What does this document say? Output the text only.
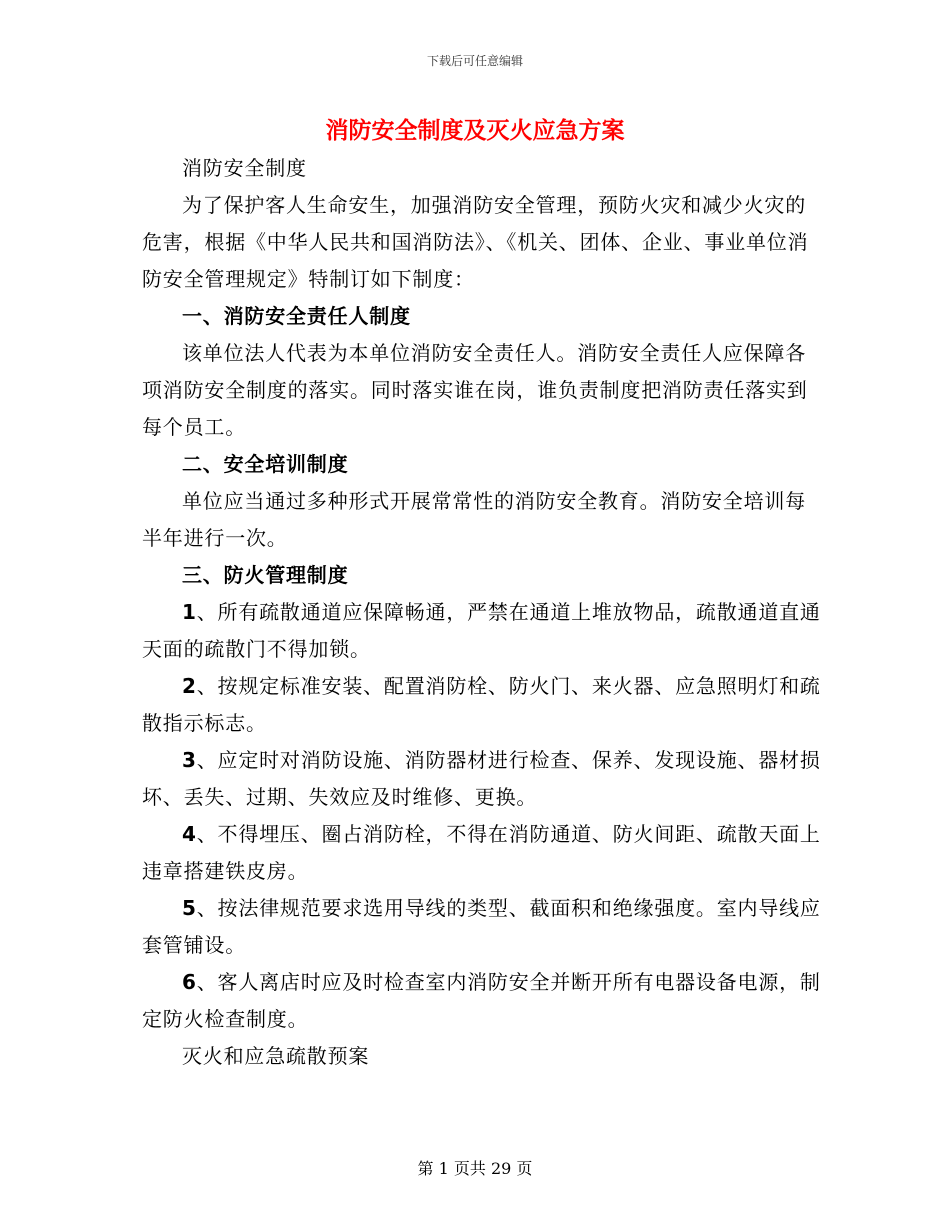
下载后可任意编辑
消防安全制度及灭火应急方案

消防安全制度

为了保护客人生命安生，加强消防安全管理，预防火灾和减少火灾的危害，根据《中华人民共和国消防法》、《机关、团体、企业、事业单位消防安全管理规定》特制订如下制度：

一、消防安全责任人制度

该单位法人代表为本单位消防安全责任人。消防安全责任人应保障各项消防安全制度的落实。同时落实谁在岗，谁负责制度把消防责任落实到每个员工。

二、安全培训制度

单位应当通过多种形式开展常常性的消防安全教育。消防安全培训每半年进行一次。

三、防火管理制度

1、所有疏散通道应保障畅通，严禁在通道上堆放物品，疏散通道直通天面的疏散门不得加锁。

2、按规定标准安装、配置消防栓、防火门、来火器、应急照明灯和疏散指示标志。

3、应定时对消防设施、消防器材进行检查、保养、发现设施、器材损坏、丢失、过期、失效应及时维修、更换。

4、不得埋压、圈占消防栓，不得在消防通道、防火间距、疏散天面上违章搭建铁皮房。

5、按法律规范要求选用导线的类型、截面积和绝缘强度。室内导线应套管铺设。

6、客人离店时应及时检查室内消防安全并断开所有电器设备电源，制定防火检查制度。

灭火和应急疏散预案

第 1 页共 29 页
